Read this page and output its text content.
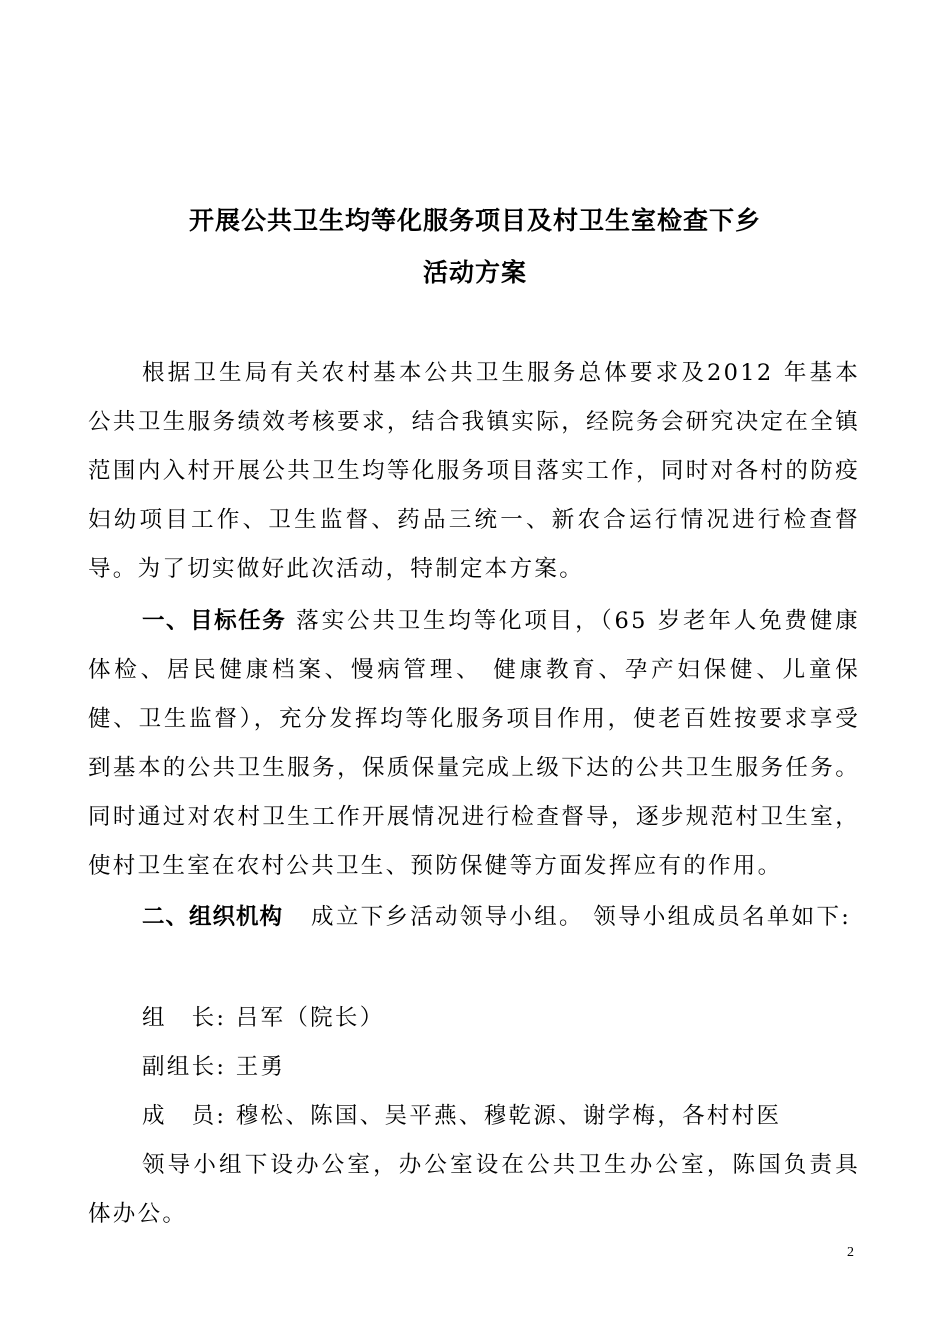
开展公共卫生均等化服务项目及村卫生室检查下乡
活动方案

根据卫生局有关农村基本公共卫生服务总体要求及2012 年基本公共卫生服务绩效考核要求，结合我镇实际，经院务会研究决定在全镇范围内入村开展公共卫生均等化服务项目落实工作，同时对各村的防疫妇幼项目工作、卫生监督、药品三统一、新农合运行情况进行检查督导。为了切实做好此次活动，特制定本方案。

一、目标任务 落实公共卫生均等化项目，（65 岁老年人免费健康体检、居民健康档案、慢病管理、 健康教育、孕产妇保健、儿童保健、卫生监督），充分发挥均等化服务项目作用，使老百姓按要求享受到基本的公共卫生服务，保质保量完成上级下达的公共卫生服务任务。同时通过对农村卫生工作开展情况进行检查督导，逐步规范村卫生室，使村卫生室在农村公共卫生、预防保健等方面发挥应有的作用。

二、组织机构 成立下乡活动领导小组。 领导小组成员名单如下:

组　长: 吕军（院长）
副组长: 王勇
成　员: 穆松、陈国、吴平燕、穆乾源、谢学梅，各村村医

领导小组下设办公室，办公室设在公共卫生办公室，陈国负责具体办公。

2
